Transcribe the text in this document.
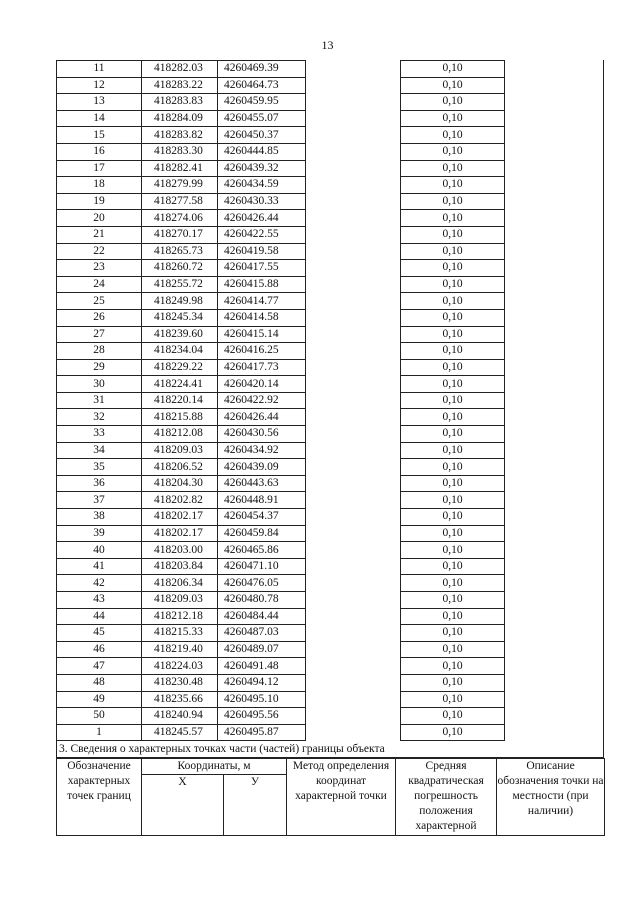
13
11	418282.03	4260469.39		0,10	
12	418283.22	4260464.73		0,10	
13	418283.83	4260459.95		0,10	
14	418284.09	4260455.07		0,10	
15	418283.82	4260450.37		0,10	
16	418283.30	4260444.85		0,10	
17	418282.41	4260439.32		0,10	
18	418279.99	4260434.59		0,10	
19	418277.58	4260430.33		0,10	
20	418274.06	4260426.44		0,10	
21	418270.17	4260422.55		0,10	
22	418265.73	4260419.58		0,10	
23	418260.72	4260417.55		0,10	
24	418255.72	4260415.88		0,10	
25	418249.98	4260414.77		0,10	
26	418245.34	4260414.58		0,10	
27	418239.60	4260415.14		0,10	
28	418234.04	4260416.25		0,10	
29	418229.22	4260417.73		0,10	
30	418224.41	4260420.14		0,10	
31	418220.14	4260422.92		0,10	
32	418215.88	4260426.44		0,10	
33	418212.08	4260430.56		0,10	
34	418209.03	4260434.92		0,10	
35	418206.52	4260439.09		0,10	
36	418204.30	4260443.63		0,10	
37	418202.82	4260448.91		0,10	
38	418202.17	4260454.37		0,10	
39	418202.17	4260459.84		0,10	
40	418203.00	4260465.86		0,10	
41	418203.84	4260471.10		0,10	
42	418206.34	4260476.05		0,10	
43	418209.03	4260480.78		0,10	
44	418212.18	4260484.44		0,10	
45	418215.33	4260487.03		0,10	
46	418219.40	4260489.07		0,10	
47	418224.03	4260491.48		0,10	
48	418230.48	4260494.12		0,10	
49	418235.66	4260495.10		0,10	
50	418240.94	4260495.56		0,10	
1	418245.57	4260495.87		0,10	
3. Сведения о характерных точках части (частей) границы объекта
Обозначение характерных точек границ	Координаты, м		Метод определения координат характерной точки	Средняя квадратическая погрешность положения характерной	Описание обозначения точки на местности (при наличии)
	X	У			
